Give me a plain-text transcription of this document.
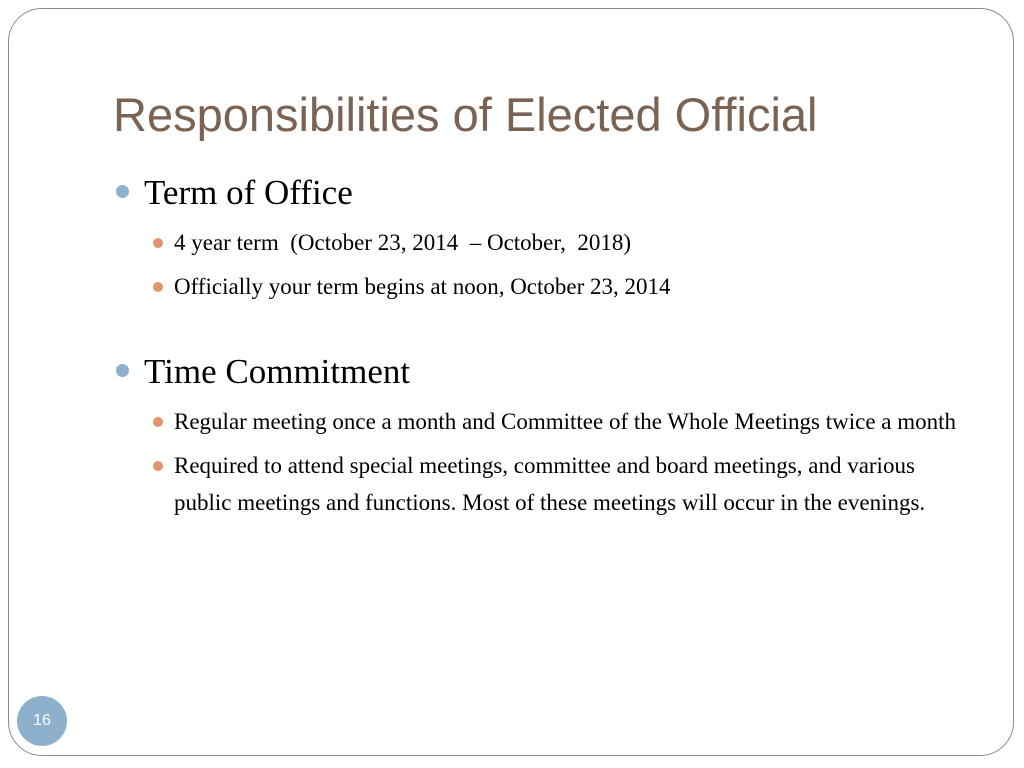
Responsibilities of Elected Official
Term of Office
4 year term  (October 23, 2014  – October,  2018)
Officially your term begins at noon, October 23, 2014
Time Commitment
Regular meeting once a month and Committee of the Whole Meetings twice a month
Required to attend special meetings, committee and board meetings, and various public meetings and functions. Most of these meetings will occur in the evenings.
16
